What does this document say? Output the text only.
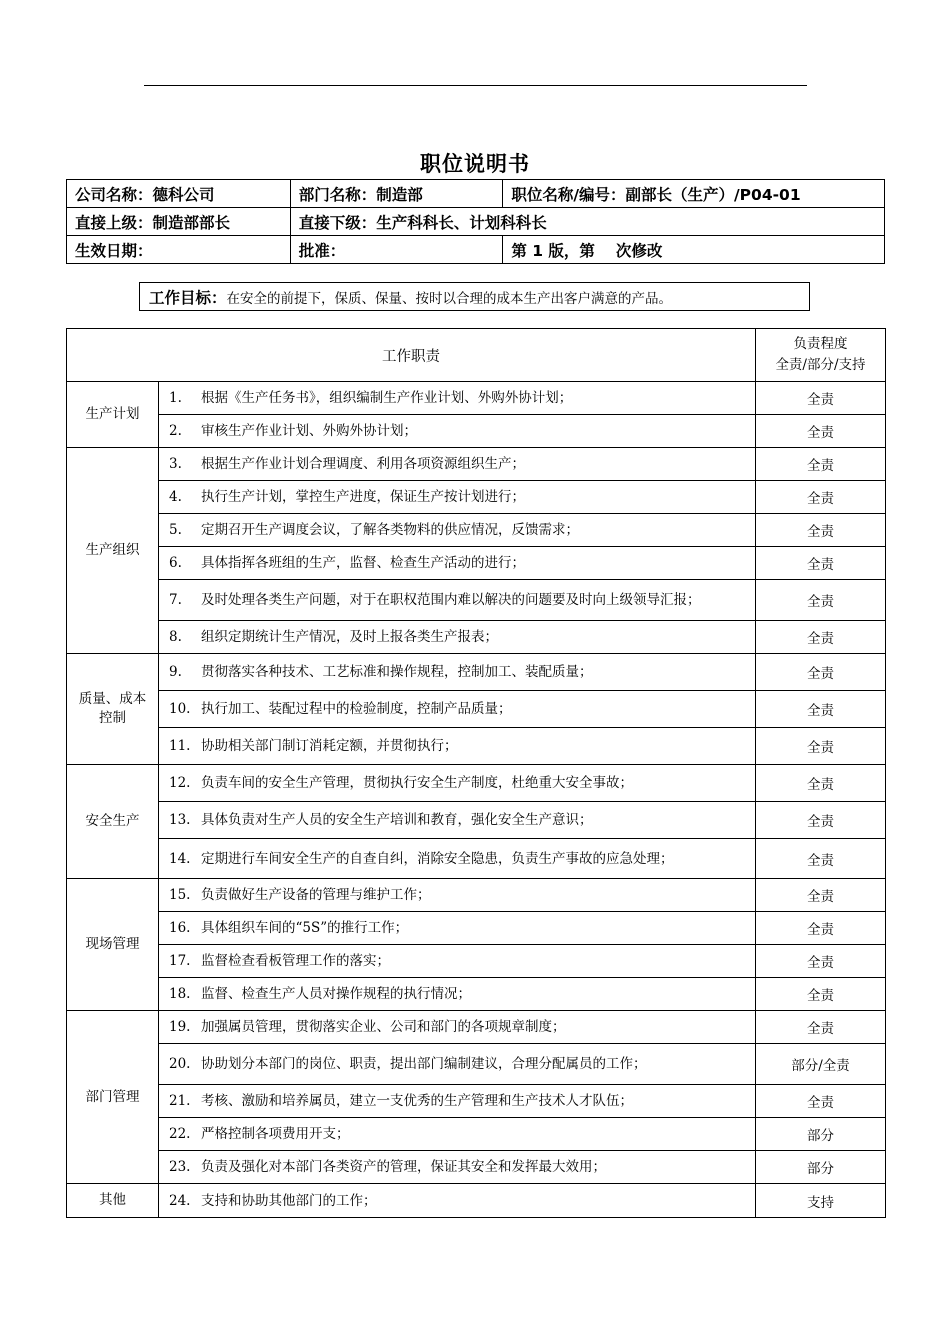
职位说明书
公司名称：德科公司	部门名称：制造部	职位名称/编号：副部长（生产）/P04-01
直接上级：制造部部长	直接下级：生产科科长、计划科科长	
生效日期：	批准：	第 1 版，第　 次修改
工作目标： 在安全的前提下，保质、保量、按时以合理的成本生产出客户满意的产品。
工作职责		负责程度
全责/部分/支持

生产计划	1. 根据《生产任务书》，组织编制生产作业计划、外购外协计划；	全责

	2. 审核生产作业计划、外购外协计划；	全责
生产组织	3. 根据生产作业计划合理调度、利用各项资源组织生产；	全责

	4. 执行生产计划，掌控生产进度，保证生产按计划进行；	全责

	5. 定期召开生产调度会议，了解各类物料的供应情况，反馈需求；	全责

	6. 具体指挥各班组的生产，监督、检查生产活动的进行；	全责

	7. 及时处理各类生产问题，对于在职权范围内难以解决的问题要及时向上级领导汇报；	全责

	8. 组织定期统计生产情况，及时上报各类生产报表；	全责
质量、成本控制	9. 贯彻落实各种技术、工艺标准和操作规程，控制加工、装配质量；	全责

	10. 执行加工、装配过程中的检验制度，控制产品质量；	全责

	11. 协助相关部门制订消耗定额，并贯彻执行；	全责
安全生产	12. 负责车间的安全生产管理，贯彻执行安全生产制度，杜绝重大安全事故；	全责

	13. 具体负责对生产人员的安全生产培训和教育，强化安全生产意识；	全责

	14. 定期进行车间安全生产的自查自纠，消除安全隐患，负责生产事故的应急处理；	全责
现场管理	15. 负责做好生产设备的管理与维护工作；	全责

	16. 具体组织车间的“5S”的推行工作；	全责

	17. 监督检查看板管理工作的落实；	全责

	18. 监督、检查生产人员对操作规程的执行情况；	全责
部门管理	19. 加强属员管理，贯彻落实企业、公司和部门的各项规章制度；	全责

	20. 协助划分本部门的岗位、职责，提出部门编制建议，合理分配属员的工作；	部分/全责

	21. 考核、激励和培养属员，建立一支优秀的生产管理和生产技术人才队伍；	全责

	22. 严格控制各项费用开支；	部分

	23. 负责及强化对本部门各类资产的管理，保证其安全和发挥最大效用；	部分
其他	24. 支持和协助其他部门的工作；	支持
